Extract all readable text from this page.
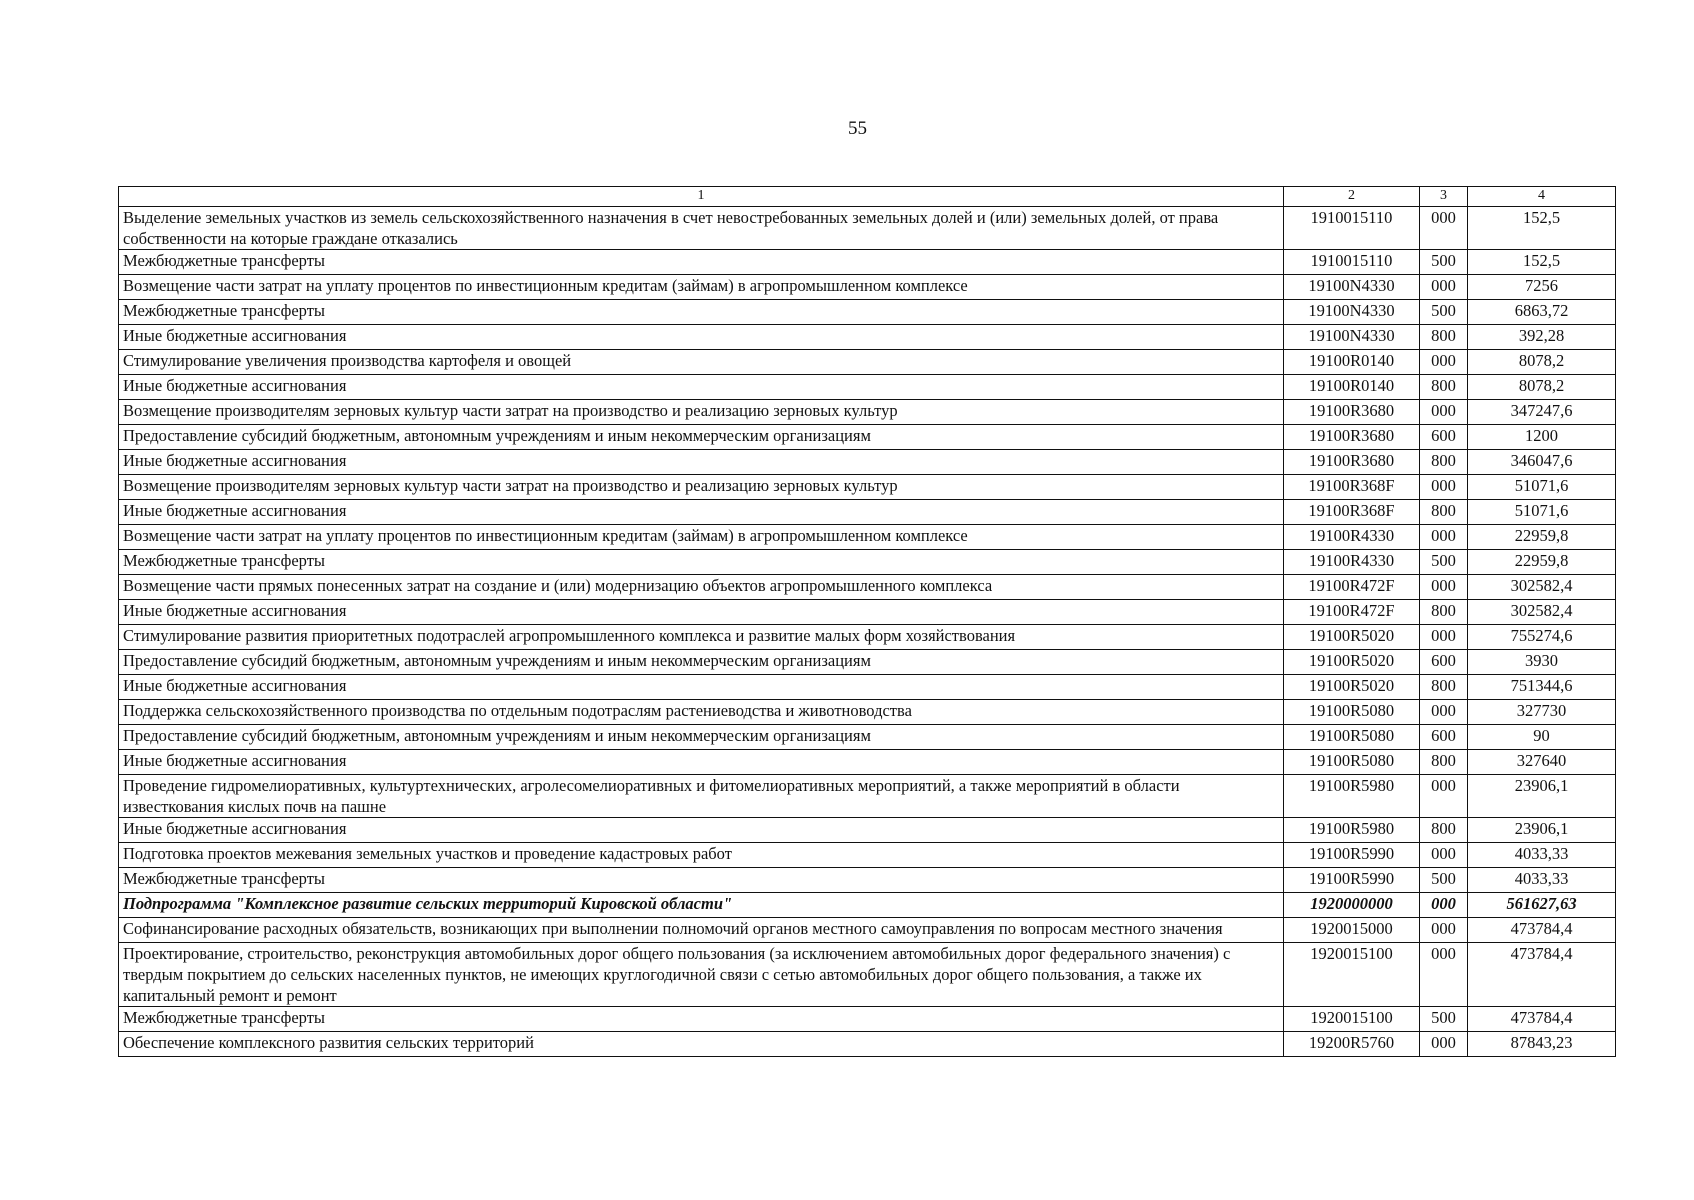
55
1	2	3	4
Выделение земельных участков из земель сельскохозяйственного назначения в счет невостребованных земельных долей и (или) земельных долей, от права собственности на которые граждане отказались	1910015110	000	152,5
Межбюджетные трансферты	1910015110	500	152,5
Возмещение части затрат на уплату процентов по инвестиционным кредитам (займам) в агропромышленном комплексе	19100N4330	000	7256
Межбюджетные трансферты	19100N4330	500	6863,72
Иные бюджетные ассигнования	19100N4330	800	392,28
Стимулирование увеличения производства картофеля и овощей	19100R0140	000	8078,2
Иные бюджетные ассигнования	19100R0140	800	8078,2
Возмещение производителям зерновых культур части затрат на производство и реализацию зерновых культур	19100R3680	000	347247,6
Предоставление субсидий бюджетным, автономным учреждениям и иным некоммерческим организациям	19100R3680	600	1200
Иные бюджетные ассигнования	19100R3680	800	346047,6
Возмещение производителям зерновых культур части затрат на производство и реализацию зерновых культур	19100R368F	000	51071,6
Иные бюджетные ассигнования	19100R368F	800	51071,6
Возмещение части затрат на уплату процентов по инвестиционным кредитам (займам) в агропромышленном комплексе	19100R4330	000	22959,8
Межбюджетные трансферты	19100R4330	500	22959,8
Возмещение части прямых понесенных затрат на создание и (или) модернизацию объектов агропромышленного комплекса	19100R472F	000	302582,4
Иные бюджетные ассигнования	19100R472F	800	302582,4
Стимулирование развития приоритетных подотраслей агропромышленного комплекса и развитие малых форм хозяйствования	19100R5020	000	755274,6
Предоставление субсидий бюджетным, автономным учреждениям и иным некоммерческим организациям	19100R5020	600	3930
Иные бюджетные ассигнования	19100R5020	800	751344,6
Поддержка сельскохозяйственного производства по отдельным подотраслям растениеводства и животноводства	19100R5080	000	327730
Предоставление субсидий бюджетным, автономным учреждениям и иным некоммерческим организациям	19100R5080	600	90
Иные бюджетные ассигнования	19100R5080	800	327640
Проведение гидромелиоративных, культуртехнических, агролесомелиоративных и фитомелиоративных мероприятий, а также мероприятий в области известкования кислых почв на пашне	19100R5980	000	23906,1
Иные бюджетные ассигнования	19100R5980	800	23906,1
Подготовка проектов межевания земельных участков и проведение кадастровых работ	19100R5990	000	4033,33
Межбюджетные трансферты	19100R5990	500	4033,33
Подпрограмма "Комплексное развитие сельских территорий Кировской области"	1920000000	000	561627,63
Софинансирование расходных обязательств, возникающих при выполнении полномочий органов местного самоуправления по вопросам местного значения	1920015000	000	473784,4
Проектирование, строительство, реконструкция автомобильных дорог общего пользования (за исключением автомобильных дорог федерального значения) с твердым покрытием до сельских населенных пунктов, не имеющих круглогодичной связи с сетью автомобильных дорог общего пользования, а также их капитальный ремонт и ремонт	1920015100	000	473784,4
Межбюджетные трансферты	1920015100	500	473784,4
Обеспечение комплексного развития сельских территорий	19200R5760	000	87843,23
